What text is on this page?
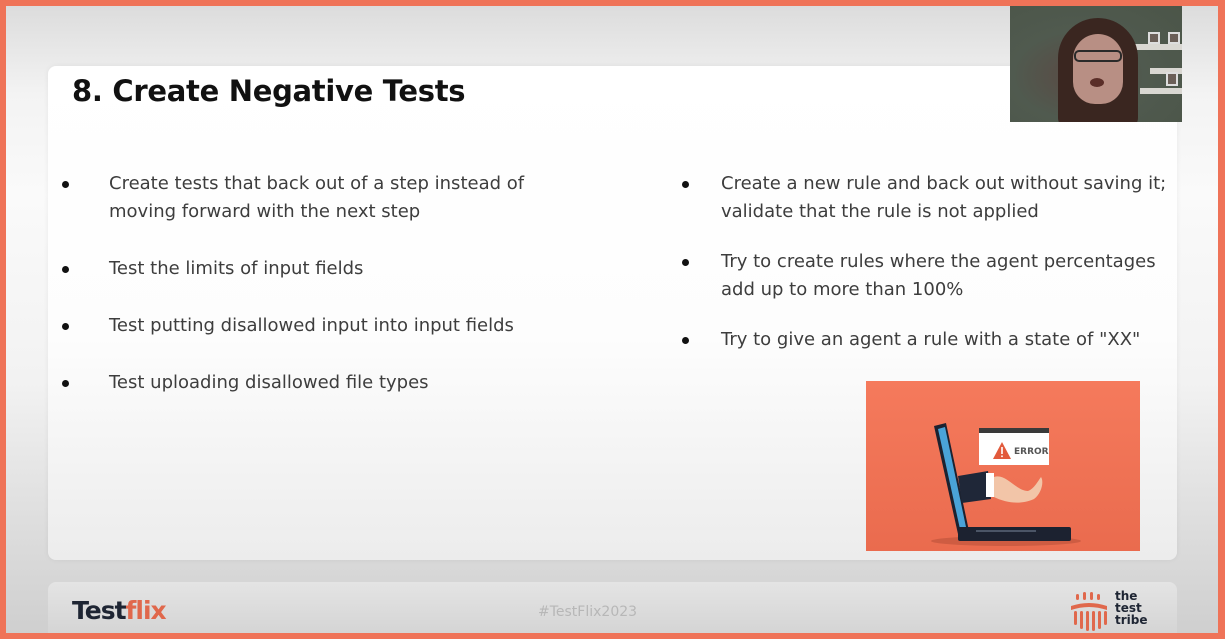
8. Create Negative Tests
Create tests that back out of a step instead of moving forward with the next step
Test the limits of input fields
Test putting disallowed input into input fields
Test uploading disallowed file types
Create a new rule and back out without saving it; validate that the rule is not applied
Try to create rules where the agent percentages add up to more than 100%
Try to give an agent a rule with a state of "XX"
ERROR
Testflix	#TestFlix2023
the
test
tribe
